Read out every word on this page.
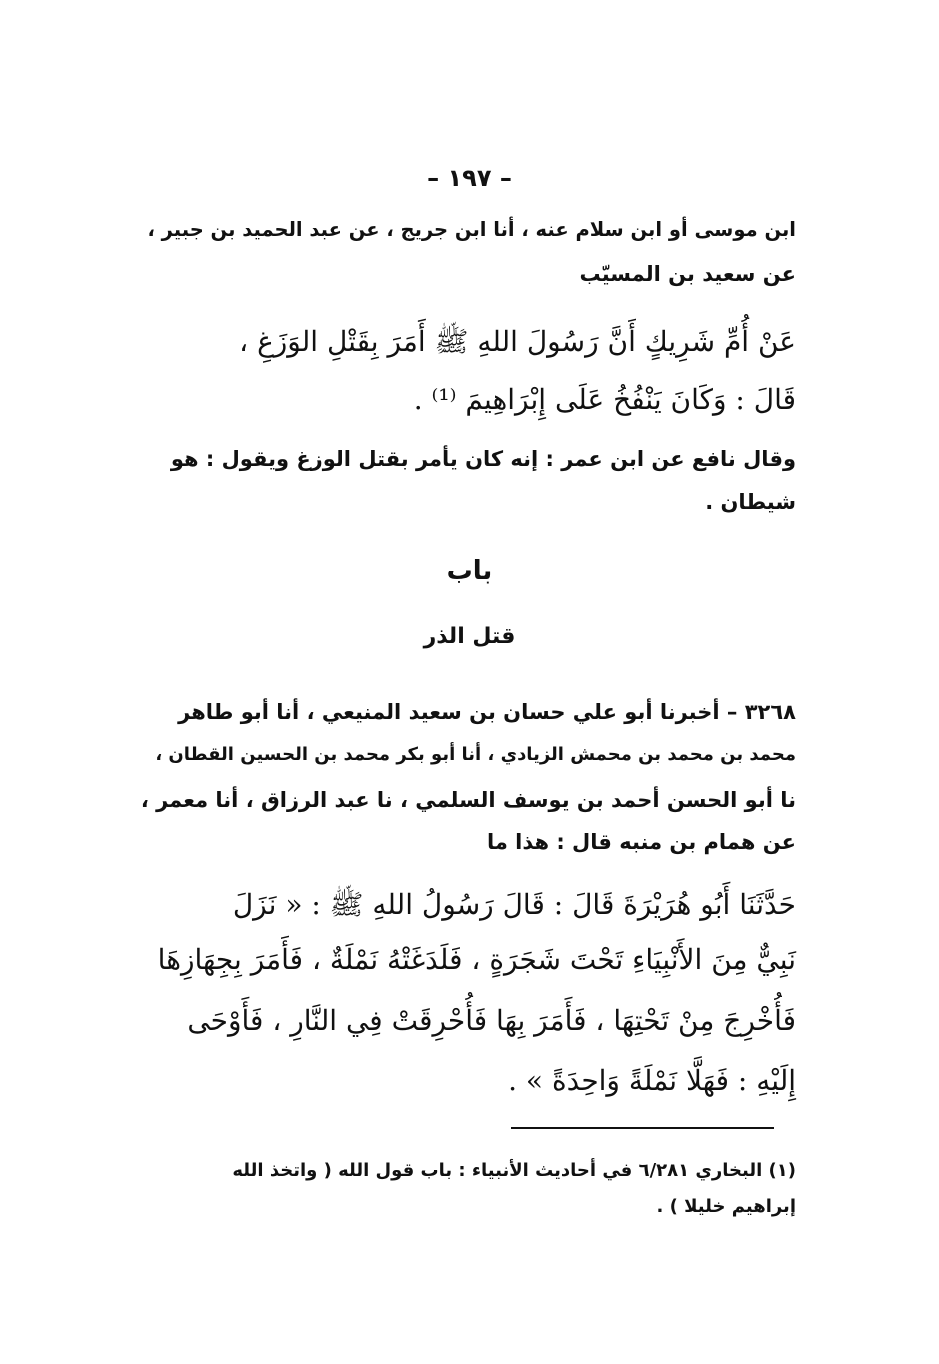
– ١٩٧ –
ابن موسى أو ابن سلام عنه ، أنا ابن جريج ، عن عبد الحميد بن جبير ،
عن سعيد بن المسيّب
عَنْ أُمِّ شَرِيكٍ أَنَّ رَسُولَ اللهِ ﷺ أَمَرَ بِقَتْلِ الوَزَغِ ،
قَالَ : وَكَانَ يَنْفُخُ عَلَى إِبْرَاهِيمَ ⁽¹⁾ .
وقال نافع عن ابن عمر : إنه كان يأمر بقتل الوزغ ويقول : هو
شيطان .
باب
قتل الذر
٣٢٦٨ – أخبرنا أبو علي حسان بن سعيد المنيعي ، أنا أبو طاهر
محمد بن محمد بن محمش الزيادي ، أنا أبو بكر محمد بن الحسين القطان ،
نا أبو الحسن أحمد بن يوسف السلمي ، نا عبد الرزاق ، أنا معمر ،
عن همام بن منبه قال : هذا ما
حَدَّثَنَا أَبُو هُرَيْرَةَ قَالَ : قَالَ رَسُولُ اللهِ ﷺ : « نَزَلَ
نَبِيٌّ مِنَ الأَنْبِيَاءِ تَحْتَ شَجَرَةٍ ، فَلَدَغَتْهُ نَمْلَةٌ ، فَأَمَرَ بِجِهَازِهَا
فَأُخْرِجَ مِنْ تَحْتِهَا ، فَأَمَرَ بِهَا فَأُحْرِقَتْ فِي النَّارِ ، فَأَوْحَى
إِلَيْهِ : فَهَلَّا نَمْلَةً وَاحِدَةً » .
(١) البخاري ٦/٢٨١ في أحاديث الأنبياء : باب قول الله ( واتخذ الله
إبراهيم خليلا ) .
